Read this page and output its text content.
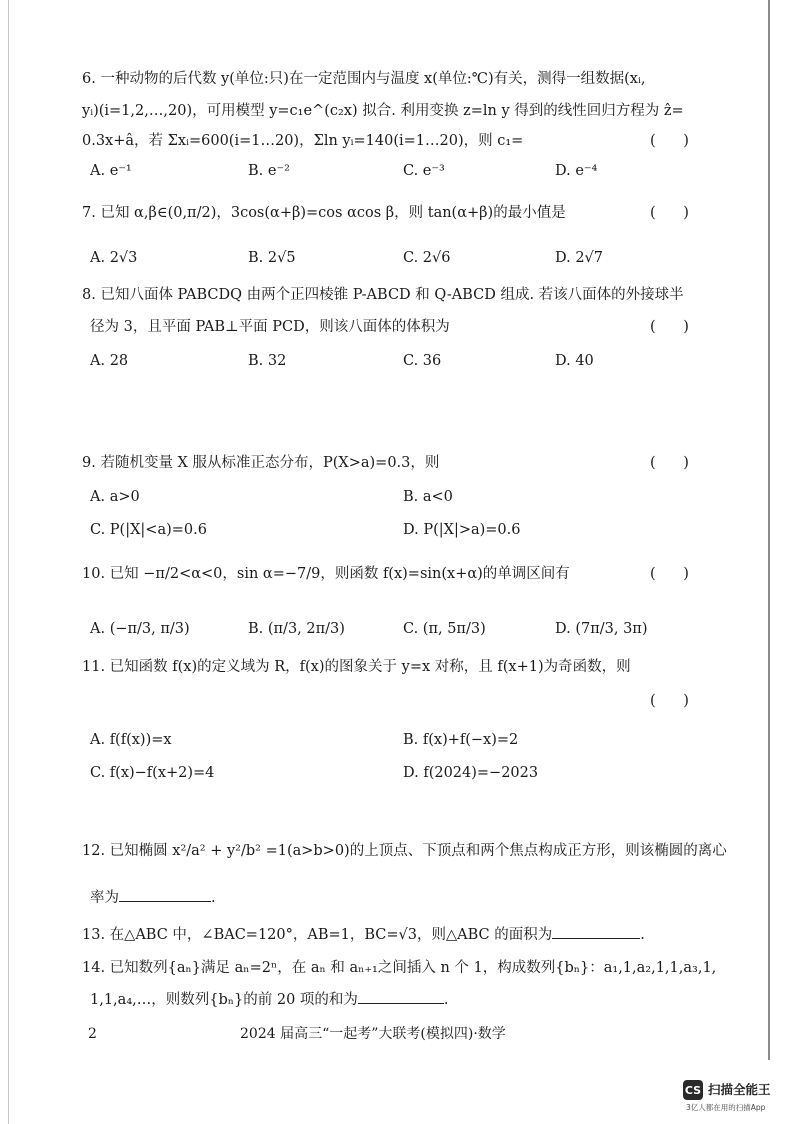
6. 一种动物的后代数 y(单位:只)在一定范围内与温度 x(单位:℃)有关，测得一组数据(xᵢ,
yᵢ)(i=1,2,…,20)，可用模型 y=c₁e^(c₂x) 拟合. 利用变换 z=ln y 得到的线性回归方程为 ẑ=
0.3x+â，若 Σxᵢ=600(i=1…20)，Σln yᵢ=140(i=1…20)，则 c₁=	(      )
A. e⁻¹	B. e⁻²	C. e⁻³	D. e⁻⁴
7. 已知 α,β∈(0,π/2)，3cos(α+β)=cos αcos β，则 tan(α+β)的最小值是	(      )
A. 2√3	B. 2√5	C. 2√6	D. 2√7
8. 已知八面体 PABCDQ 由两个正四棱锥 P-ABCD 和 Q-ABCD 组成. 若该八面体的外接球半
径为 3，且平面 PAB⊥平面 PCD，则该八面体的体积为	(      )
A. 28	B. 32	C. 36	D. 40
9. 若随机变量 X 服从标准正态分布，P(X>a)=0.3，则	(      )
A. a>0	B. a<0
C. P(|X|<a)=0.6	D. P(|X|>a)=0.6
10. 已知 −π/2<α<0，sin α=−7/9，则函数 f(x)=sin(x+α)的单调区间有	(      )
A. (−π/3, π/3)	B. (π/3, 2π/3)	C. (π, 5π/3)	D. (7π/3, 3π)
11. 已知函数 f(x)的定义域为 R，f(x)的图象关于 y=x 对称，且 f(x+1)为奇函数，则
(      )
A. f(f(x))=x	B. f(x)+f(−x)=2
C. f(x)−f(x+2)=4	D. f(2024)=−2023
12. 已知椭圆 x²/a² + y²/b² =1(a>b>0)的上顶点、下顶点和两个焦点构成正方形，则该椭圆的离心
率为	.
13. 在△ABC 中，∠BAC=120°，AB=1，BC=√3，则△ABC 的面积为	.
14. 已知数列{aₙ}满足 aₙ=2ⁿ，在 aₙ 和 aₙ₊₁之间插入 n 个 1，构成数列{bₙ}：a₁,1,a₂,1,1,a₃,1,
1,1,a₄,…，则数列{bₙ}的前 20 项的和为	.
2	2024 届高三“一起考”大联考(模拟四)·数学
CS 扫描全能王
3亿人都在用的扫描App
